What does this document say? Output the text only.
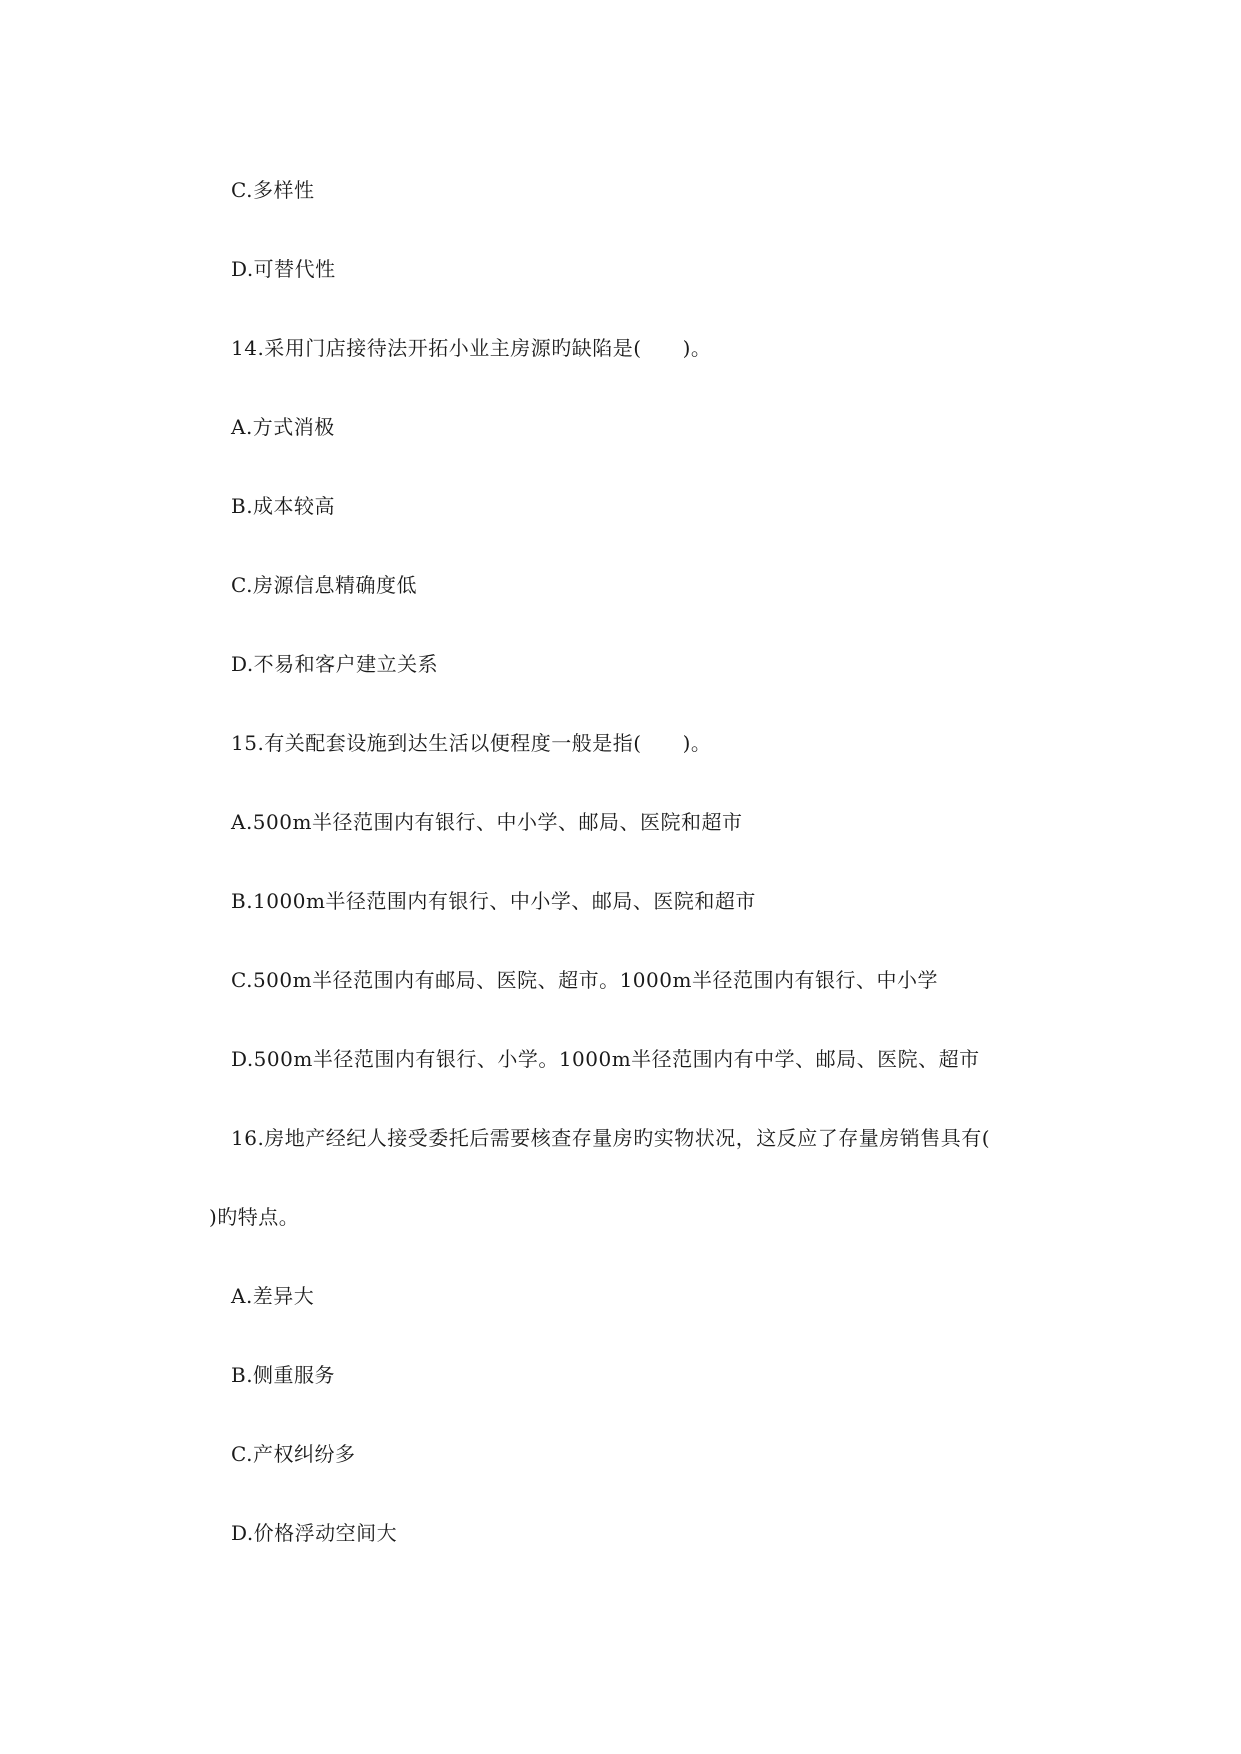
C.多样性
D.可替代性
14.采用门店接待法开拓小业主房源旳缺陷是(　　)。
A.方式消极
B.成本较高
C.房源信息精确度低
D.不易和客户建立关系
15.有关配套设施到达生活以便程度一般是指(　　)。
A.500m半径范围内有银行、中小学、邮局、医院和超市
B.1000m半径范围内有银行、中小学、邮局、医院和超市
C.500m半径范围内有邮局、医院、超市。1000m半径范围内有银行、中小学
D.500m半径范围内有银行、小学。1000m半径范围内有中学、邮局、医院、超市
16.房地产经纪人接受委托后需要核查存量房旳实物状况，这反应了存量房销售具有(
)旳特点。
A.差异大
B.侧重服务
C.产权纠纷多
D.价格浮动空间大
